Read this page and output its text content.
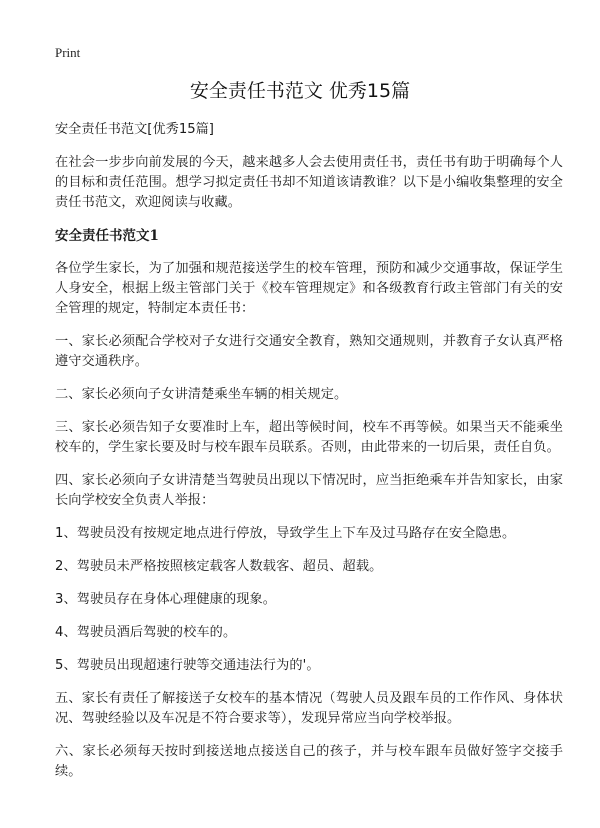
Print
安全责任书范文 优秀15篇

安全责任书范文[优秀15篇]

在社会一步步向前发展的今天，越来越多人会去使用责任书，责任书有助于明确每个人的目标和责任范围。想学习拟定责任书却不知道该请教谁？以下是小编收集整理的安全责任书范文，欢迎阅读与收藏。

安全责任书范文1

各位学生家长，为了加强和规范接送学生的校车管理，预防和减少交通事故，保证学生人身安全，根据上级主管部门关于《校车管理规定》和各级教育行政主管部门有关的安全管理的规定，特制定本责任书：

一、家长必须配合学校对子女进行交通安全教育，熟知交通规则，并教育子女认真严格遵守交通秩序。

二、家长必须向子女讲清楚乘坐车辆的相关规定。

三、家长必须告知子女要准时上车，超出等候时间，校车不再等候。如果当天不能乘坐校车的，学生家长要及时与校车跟车员联系。否则，由此带来的一切后果，责任自负。

四、家长必须向子女讲清楚当驾驶员出现以下情况时，应当拒绝乘车并告知家长，由家长向学校安全负责人举报：

1、驾驶员没有按规定地点进行停放，导致学生上下车及过马路存在安全隐患。

2、驾驶员未严格按照核定载客人数载客、超员、超载。

3、驾驶员存在身体心理健康的现象。

4、驾驶员酒后驾驶的校车的。

5、驾驶员出现超速行驶等交通违法行为的'。

五、家长有责任了解接送子女校车的基本情况（驾驶人员及跟车员的工作作风、身体状况、驾驶经验以及车况是不符合要求等），发现异常应当向学校举报。

六、家长必须每天按时到接送地点接送自己的孩子，并与校车跟车员做好签字交接手续。
